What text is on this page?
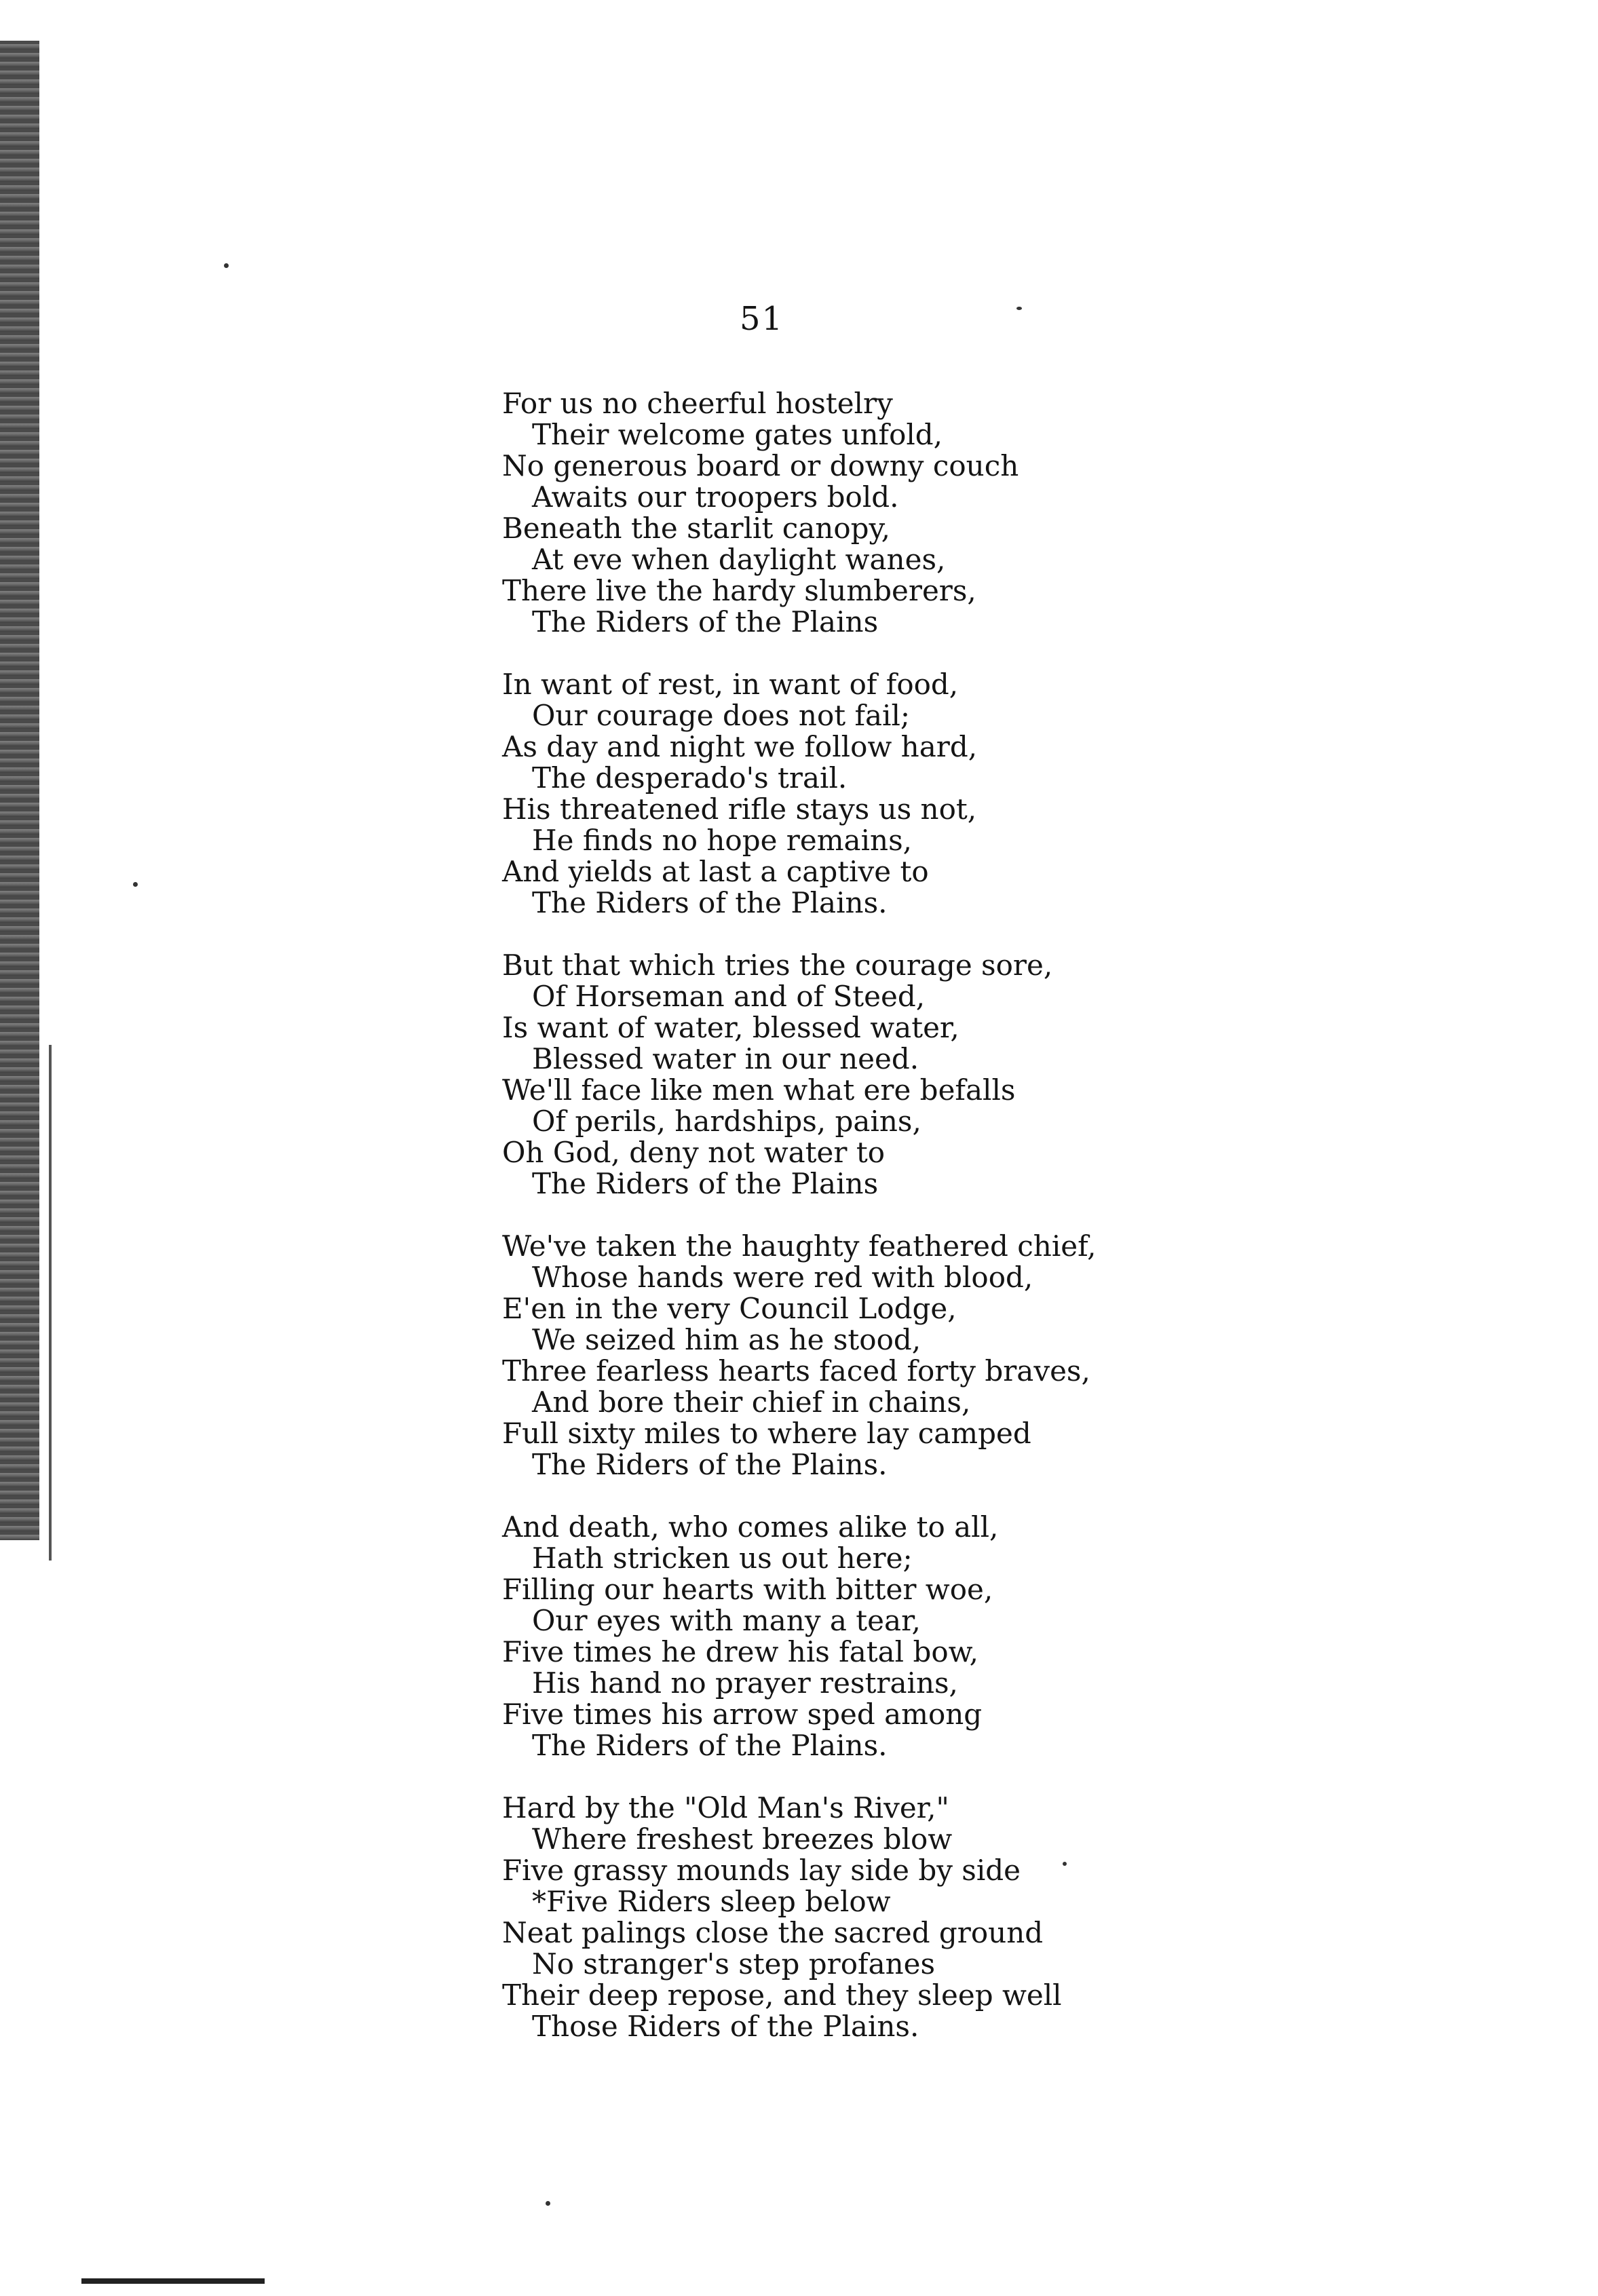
51
For us no cheerful hostelry
Their welcome gates unfold,
No generous board or downy couch
Awaits our troopers bold.
Beneath the starlit canopy,
At eve when daylight wanes,
There live the hardy slumberers,
The Riders of the Plains
In want of rest, in want of food,
Our courage does not fail;
As day and night we follow hard,
The desperado's trail.
His threatened rifle stays us not,
He finds no hope remains,
And yields at last a captive to
The Riders of the Plains.
But that which tries the courage sore,
Of Horseman and of Steed,
Is want of water, blessed water,
Blessed water in our need.
We'll face like men what ere befalls
Of perils, hardships, pains,
Oh God, deny not water to
The Riders of the Plains
We've taken the haughty feathered chief,
Whose hands were red with blood,
E'en in the very Council Lodge,
We seized him as he stood,
Three fearless hearts faced forty braves,
And bore their chief in chains,
Full sixty miles to where lay camped
The Riders of the Plains.
And death, who comes alike to all,
Hath stricken us out here;
Filling our hearts with bitter woe,
Our eyes with many a tear,
Five times he drew his fatal bow,
His hand no prayer restrains,
Five times his arrow sped among
The Riders of the Plains.
Hard by the "Old Man's River,"
Where freshest breezes blow
Five grassy mounds lay side by side
*Five Riders sleep below
Neat palings close the sacred ground
No stranger's step profanes
Their deep repose, and they sleep well
Those Riders of the Plains.
